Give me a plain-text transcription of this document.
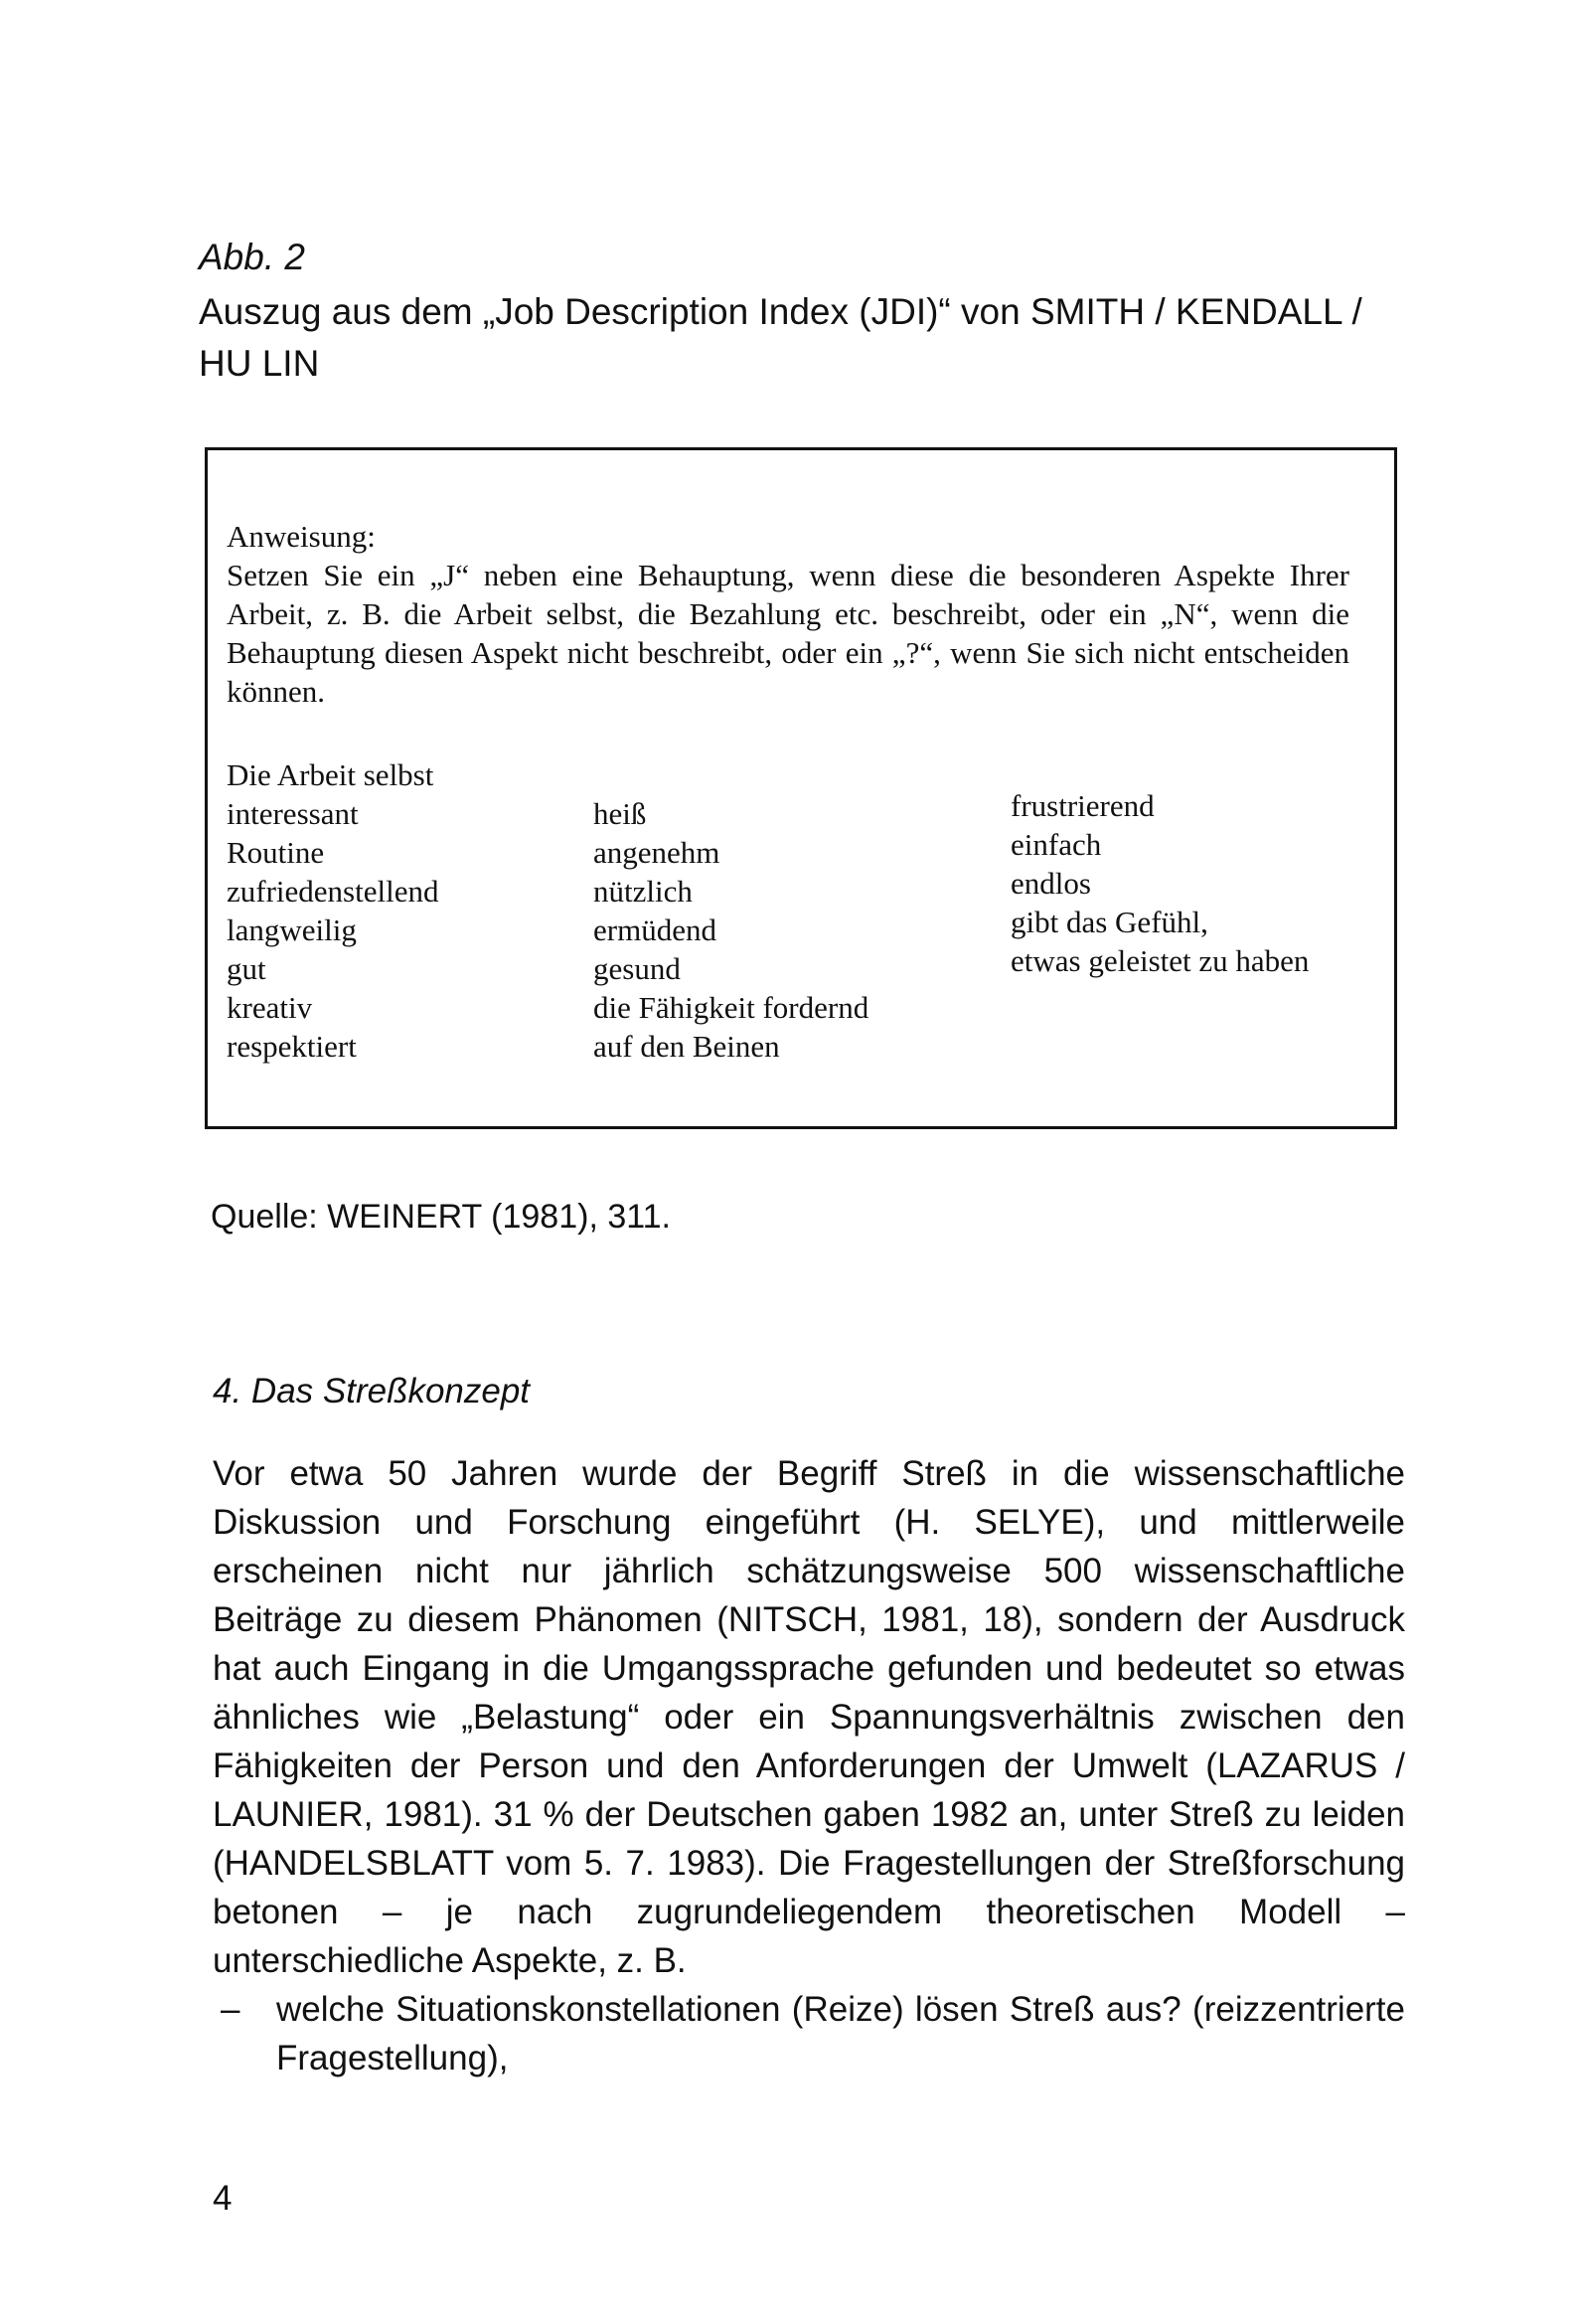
Abb. 2
Auszug aus dem „Job Description Index (JDI)“ von SMITH / KENDALL / HU LIN
Anweisung:
Setzen Sie ein „J“ neben eine Behauptung, wenn diese die besonderen Aspekte Ihrer Arbeit, z. B. die Arbeit selbst, die Bezahlung etc. beschreibt, oder ein „N“, wenn die Behauptung diesen Aspekt nicht beschreibt, oder ein „?“, wenn Sie sich nicht entscheiden können.
Die Arbeit selbst
interessant
Routine
zufriedenstellend
langweilig
gut
kreativ
respektiert
heiß
angenehm
nützlich
ermüdend
gesund
die Fähigkeit fordernd
auf den Beinen
frustrierend
einfach
endlos
gibt das Gefühl,
etwas geleistet zu haben
Quelle: WEINERT (1981), 311.
4. Das Streßkonzept

Vor etwa 50 Jahren wurde der Begriff Streß in die wissenschaftliche Diskussion und Forschung eingeführt (H. SELYE), und mittlerweile erscheinen nicht nur jährlich schätzungsweise 500 wissenschaftliche Beiträge zu diesem Phänomen (NITSCH, 1981, 18), sondern der Ausdruck hat auch Eingang in die Umgangssprache gefunden und bedeutet so etwas ähnliches wie „Belastung“ oder ein Spannungsverhältnis zwischen den Fähigkeiten der Person und den Anforderungen der Umwelt (LAZARUS / LAUNIER, 1981). 31 % der Deutschen gaben 1982 an, unter Streß zu leiden (HANDELSBLATT vom 5. 7. 1983). Die Fragestellungen der Streßforschung betonen – je nach zugrundeliegendem theoretischen Modell – unterschiedliche Aspekte, z. B.

– welche Situationskonstellationen (Reize) lösen Streß aus? (reizzentrierte Fragestellung),

4
